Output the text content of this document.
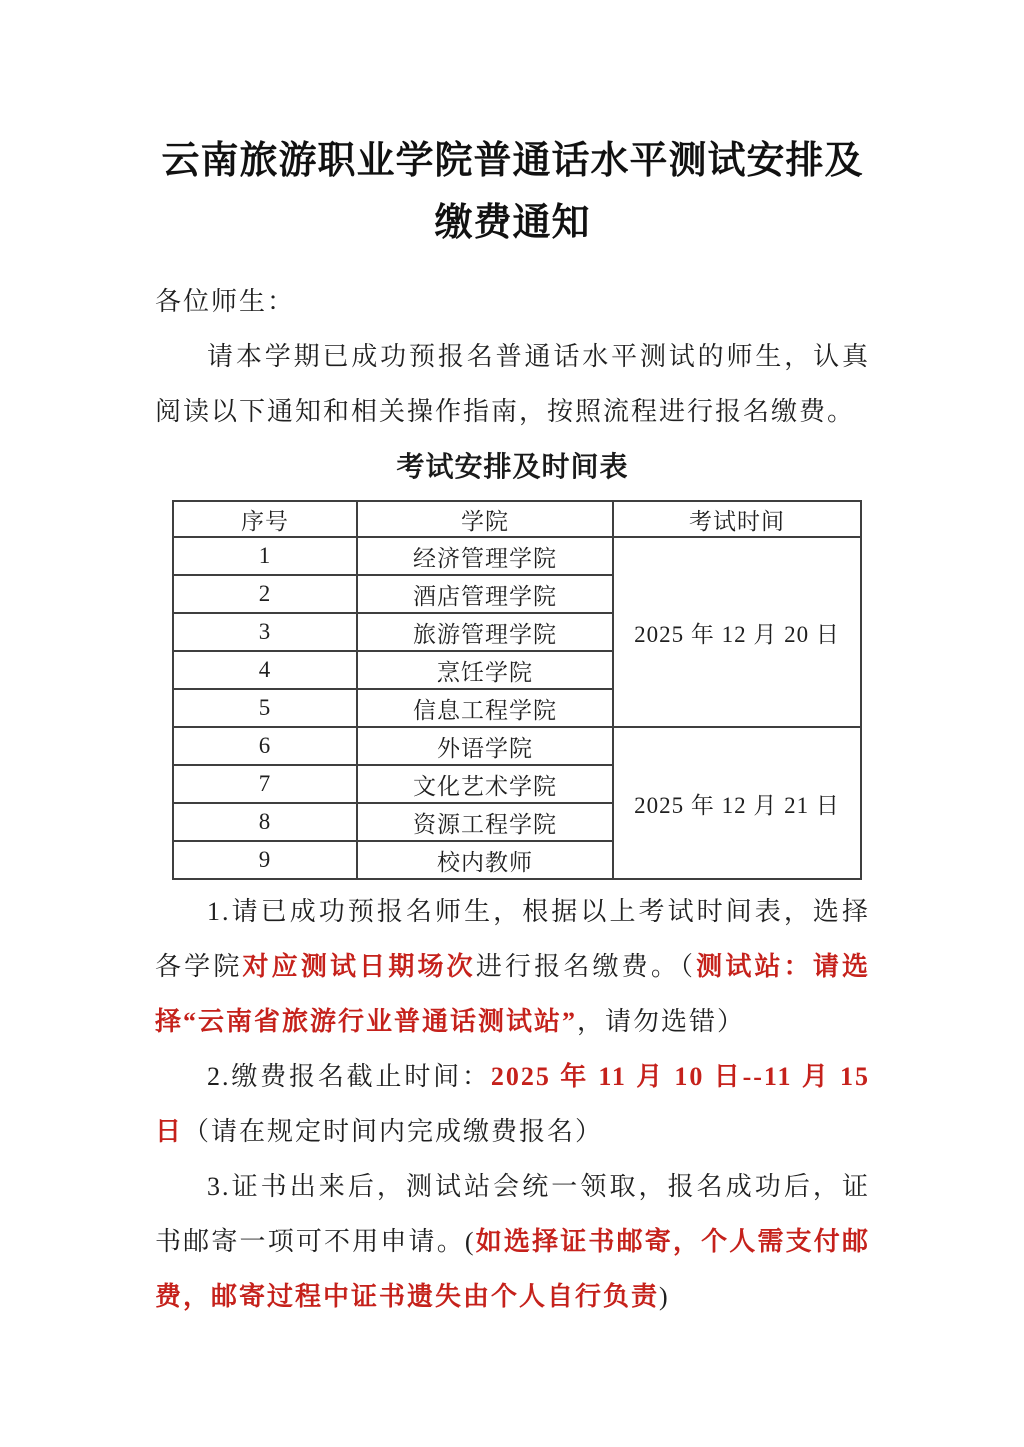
云南旅游职业学院普通话水平测试安排及
缴费通知

各位师生：

请本学期已成功预报名普通话水平测试的师生，认真阅读以下通知和相关操作指南，按照流程进行报名缴费。

考试安排及时间表
序号	学院	考试时间
1	经济管理学院	2025 年 12 月 20 日
2	酒店管理学院	
3	旅游管理学院	
4	烹饪学院	
5	信息工程学院	
6	外语学院	2025 年 12 月 21 日
7	文化艺术学院	
8	资源工程学院	
9	校内教师	

1.请已成功预报名师生，根据以上考试时间表，选择各学院对应测试日期场次进行报名缴费。（测试站：请选择“云南省旅游行业普通话测试站”，请勿选错）

2.缴费报名截止时间：2025 年 11 月 10 日--11 月 15 日（请在规定时间内完成缴费报名）

3.证书出来后，测试站会统一领取，报名成功后，证书邮寄一项可不用申请。(如选择证书邮寄，个人需支付邮费，邮寄过程中证书遗失由个人自行负责)
